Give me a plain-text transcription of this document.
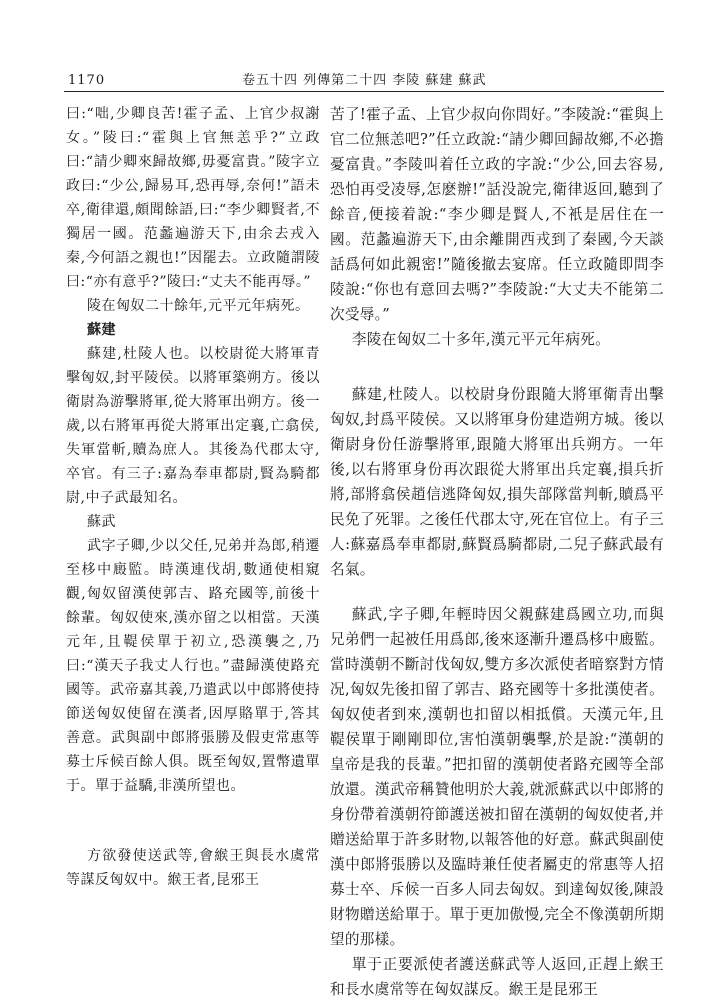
1170	卷五十四 列傳第二十四 李陵 蘇建 蘇武

曰:“咄,少卿良苦!霍子孟、上官少叔謝女。”陵曰:“霍與上官無恙乎?”立政曰:“請少卿來歸故鄉,毋憂富貴。”陵字立政曰:“少公,歸易耳,恐再辱,奈何!”語未卒,衛律還,頗聞餘語,曰:“李少卿賢者,不獨居一國。范蠡遍游天下,由余去戎入秦,今何語之親也!”因罷去。立政隨謂陵曰:“亦有意乎?”陵曰:“丈夫不能再辱。”

陵在匈奴二十餘年,元平元年病死。

蘇建

蘇建,杜陵人也。以校尉從大將軍青擊匈奴,封平陵侯。以將軍築朔方。後以衛尉為游擊將軍,從大將軍出朔方。後一歲,以右將軍再從大將軍出定襄,亡翕侯,失軍當斬,贖為庶人。其後為代郡太守,卒官。有三子:嘉為奉車都尉,賢為騎都尉,中子武最知名。

蘇武

武字子卿,少以父任,兄弟并為郎,稍遷至栘中廄監。時漢連伐胡,數通使相窺觀,匈奴留漢使郭吉、路充國等,前後十餘輩。匈奴使來,漢亦留之以相當。天漢元年,且鞮侯單于初立,恐漢襲之,乃曰:“漢天子我丈人行也。”盡歸漢使路充國等。武帝嘉其義,乃遣武以中郎將使持節送匈奴使留在漢者,因厚賂單于,答其善意。武與副中郎將張勝及假吏常惠等募士斥候百餘人俱。既至匈奴,置幣遺單于。單于益驕,非漢所望也。

方欲發使送武等,會緱王與長水虞常等謀反匈奴中。緱王者,昆邪王

苦了!霍子孟、上官少叔向你問好。”李陵說:“霍與上官二位無恙吧?”任立政說:“請少卿回歸故鄉,不必擔憂富貴。”李陵叫着任立政的字說:“少公,回去容易,恐怕再受凌辱,怎麽辦!”話没說完,衛律返回,聽到了餘音,便接着說:“李少卿是賢人,不衹是居住在一國。范蠡遍游天下,由余離開西戎到了秦國,今天談話爲何如此親密!”隨後撤去宴席。任立政隨即問李陵說:“你也有意回去嗎?”李陵說:“大丈夫不能第二次受辱。”

李陵在匈奴二十多年,漢元平元年病死。

蘇建,杜陵人。以校尉身份跟隨大將軍衛青出擊匈奴,封爲平陵侯。又以將軍身份建造朔方城。後以衛尉身份任游擊將軍,跟隨大將軍出兵朔方。一年後,以右將軍身份再次跟從大將軍出兵定襄,損兵折將,部將翕侯趙信逃降匈奴,損失部隊當判斬,贖爲平民免了死罪。之後任代郡太守,死在官位上。有子三人:蘇嘉爲奉車都尉,蘇賢爲騎都尉,二兒子蘇武最有名氣。

蘇武,字子卿,年輕時因父親蘇建爲國立功,而與兄弟們一起被任用爲郎,後來逐漸升遷爲栘中廄監。當時漢朝不斷討伐匈奴,雙方多次派使者暗察對方情况,匈奴先後扣留了郭吉、路充國等十多批漢使者。匈奴使者到來,漢朝也扣留以相抵償。天漢元年,且鞮侯單于剛剛即位,害怕漢朝襲擊,於是說:“漢朝的皇帝是我的長輩。”把扣留的漢朝使者路充國等全部放還。漢武帝稱贊他明於大義,就派蘇武以中郎將的身份帶着漢朝符節護送被扣留在漢朝的匈奴使者,并贈送給單于許多財物,以報答他的好意。蘇武與副使漢中郎將張勝以及臨時兼任使者屬吏的常惠等人招募士卒、斥候一百多人同去匈奴。到達匈奴後,陳設財物贈送給單于。單于更加傲慢,完全不像漢朝所期望的那樣。

單于正要派使者護送蘇武等人返回,正趕上緱王和長水虞常等在匈奴謀反。緱王是昆邪王
